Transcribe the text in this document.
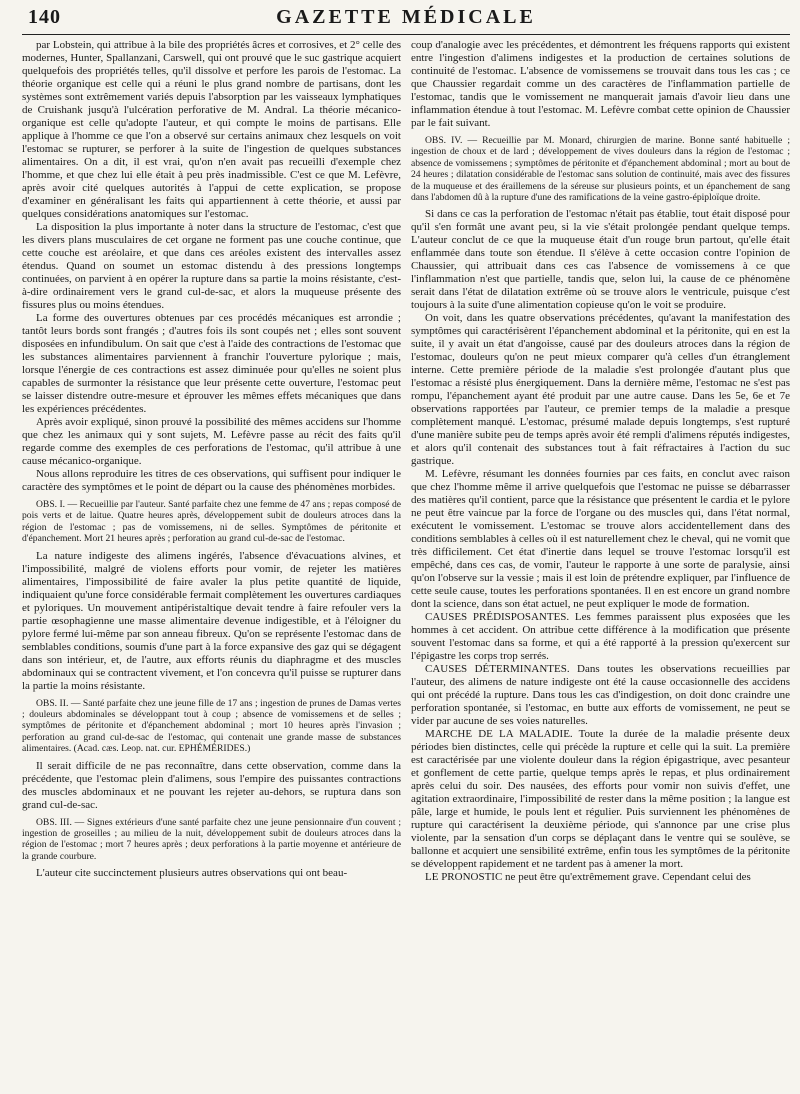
140	GAZETTE MÉDICALE

par Lobstein, qui attribue à la bile des propriétés âcres et corrosives, et 2° celle des modernes, Hunter, Spallanzani, Carswell, qui ont prouvé que le suc gastrique acquiert quelquefois des propriétés telles, qu'il dissolve et perfore les parois de l'estomac. La théorie organique est celle qui a réuni le plus grand nombre de partisans, dont les systèmes sont extrêmement variés depuis l'absorption par les vaisseaux lymphatiques de Cruishank jusqu'à l'ulcération perforative de M. Andral. La théorie mécanico-organique est celle qu'adopte l'auteur, et qui compte le moins de partisans. Elle applique à l'homme ce que l'on a observé sur certains animaux chez lesquels on voit l'estomac se rupturer, se perforer à la suite de l'ingestion de quelques substances alimentaires. On a dit, il est vrai, qu'on n'en avait pas recueilli d'exemple chez l'homme, et que chez lui elle était à peu près inadmissible. C'est ce que M. Lefèvre, après avoir cité quelques autorités à l'appui de cette explication, se propose d'examiner en généralisant les faits qui appartiennent à cette théorie, et aussi par quelques considérations anatomiques sur l'estomac.

La disposition la plus importante à noter dans la structure de l'estomac, c'est que les divers plans musculaires de cet organe ne forment pas une couche continue, que cette couche est aréolaire, et que dans ces aréoles existent des intervalles assez étendus. Quand on soumet un estomac distendu à des pressions longtemps continuées, on parvient à en opérer la rupture dans sa partie la moins résistante, c'est-à-dire ordinairement vers le grand cul-de-sac, et alors la muqueuse présente des fissures plus ou moins étendues.

La forme des ouvertures obtenues par ces procédés mécaniques est arrondie ; tantôt leurs bords sont frangés ; d'autres fois ils sont coupés net ; elles sont souvent disposées en infundibulum. On sait que c'est à l'aide des contractions de l'estomac que les substances alimentaires parviennent à franchir l'ouverture pylorique ; mais, lorsque l'énergie de ces contractions est assez diminuée pour qu'elles ne soient plus capables de surmonter la résistance que leur présente cette ouverture, l'estomac peut se laisser distendre outre-mesure et éprouver les mêmes effets mécaniques que dans les expériences précédentes.

Après avoir expliqué, sinon prouvé la possibilité des mêmes accidens sur l'homme que chez les animaux qui y sont sujets, M. Lefèvre passe au récit des faits qu'il regarde comme des exemples de ces perforations de l'estomac, qu'il attribue à une cause mécanico-organique.

Nous allons reproduire les titres de ces observations, qui suffisent pour indiquer le caractère des symptômes et le point de départ ou la cause des phénomènes morbides.

OBS. I. — Recueillie par l'auteur. Santé parfaite chez une femme de 47 ans ; repas composé de pois verts et de laitue. Quatre heures après, développement subit de douleurs atroces dans la région de l'estomac ; pas de vomissemens, ni de selles. Symptômes de péritonite et d'épanchement. Mort 21 heures après ; perforation au grand cul-de-sac de l'estomac.

La nature indigeste des alimens ingérés, l'absence d'évacuations alvines, et l'impossibilité, malgré de violens efforts pour vomir, de rejeter les matières alimentaires, l'impossibilité de faire avaler la plus petite quantité de liquide, indiquaient qu'une force considérable fermait complètement les ouvertures cardiaques et pyloriques. Un mouvement antipéristaltique devait tendre à faire refouler vers la partie œsophagienne une masse alimentaire devenue indigestible, et à l'éloigner du pylore fermé lui-même par son anneau fibreux. Qu'on se représente l'estomac dans de semblables conditions, soumis d'une part à la force expansive des gaz qui se dégagent dans son intérieur, et, de l'autre, aux efforts réunis du diaphragme et des muscles abdominaux qui se contractent vivement, et l'on concevra qu'il puisse se rupturer dans la partie la moins résistante.

OBS. II. — Santé parfaite chez une jeune fille de 17 ans ; ingestion de prunes de Damas vertes ; douleurs abdominales se développant tout à coup ; absence de vomissemens et de selles ; symptômes de péritonite et d'épanchement abdominal ; mort 10 heures après l'invasion ; perforation au grand cul-de-sac de l'estomac, qui contenait une grande masse de substances alimentaires. (Acad. cæs. Leop. nat. cur. EPHÉMÉRIDES.)

Il serait difficile de ne pas reconnaître, dans cette observation, comme dans la précédente, que l'estomac plein d'alimens, sous l'empire des puissantes contractions des muscles abdominaux et ne pouvant les rejeter au-dehors, se ruptura dans son grand cul-de-sac.

OBS. III. — Signes extérieurs d'une santé parfaite chez une jeune pensionnaire d'un couvent ; ingestion de groseilles ; au milieu de la nuit, développement subit de douleurs atroces dans la région de l'estomac ; mort 7 heures après ; deux perforations à la partie moyenne et antérieure de la grande courbure.

L'auteur cite succinctement plusieurs autres observations qui ont beau-

coup d'analogie avec les précédentes, et démontrent les fréquens rapports qui existent entre l'ingestion d'alimens indigestes et la production de certaines solutions de continuité de l'estomac. L'absence de vomissemens se trouvait dans tous les cas ; ce que Chaussier regardait comme un des caractères de l'inflammation partielle de l'estomac, tandis que le vomissement ne manquerait jamais d'avoir lieu dans une inflammation étendue à tout l'estomac. M. Lefèvre combat cette opinion de Chaussier par le fait suivant.

OBS. IV. — Recueillie par M. Monard, chirurgien de marine. Bonne santé habituelle ; ingestion de choux et de lard ; développement de vives douleurs dans la région de l'estomac ; absence de vomissemens ; symptômes de péritonite et d'épanchement abdominal ; mort au bout de 24 heures ; dilatation considérable de l'estomac sans solution de continuité, mais avec des fissures de la muqueuse et des éraillemens de la séreuse sur plusieurs points, et un épanchement de sang dans l'abdomen dû à la rupture d'une des ramifications de la veine gastro-épiploïque droite.

Si dans ce cas la perforation de l'estomac n'était pas établie, tout était disposé pour qu'il s'en formât une avant peu, si la vie s'était prolongée pendant quelque temps. L'auteur conclut de ce que la muqueuse était d'un rouge brun partout, qu'elle était enflammée dans toute son étendue. Il s'élève à cette occasion contre l'opinion de Chaussier, qui attribuait dans ces cas l'absence de vomissemens à ce que l'inflammation n'est que partielle, tandis que, selon lui, la cause de ce phénomène serait dans l'état de dilatation extrême où se trouve alors le ventricule, puisque c'est toujours à la suite d'une alimentation copieuse qu'on le voit se produire.

On voit, dans les quatre observations précédentes, qu'avant la manifestation des symptômes qui caractérisèrent l'épanchement abdominal et la péritonite, qui en est la suite, il y avait un état d'angoisse, causé par des douleurs atroces dans la région de l'estomac, douleurs qu'on ne peut mieux comparer qu'à celles d'un étranglement interne. Cette première période de la maladie s'est prolongée d'autant plus que l'estomac a résisté plus énergiquement. Dans la dernière même, l'estomac ne s'est pas rompu, l'épanchement ayant été produit par une autre cause. Dans les 5e, 6e et 7e observations rapportées par l'auteur, ce premier temps de la maladie a presque complètement manqué. L'estomac, présumé malade depuis longtemps, s'est rupturé d'une manière subite peu de temps après avoir été rempli d'alimens réputés indigestes, et alors qu'il contenait des substances tout à fait réfractaires à l'action du suc gastrique.

M. Lefèvre, résumant les données fournies par ces faits, en conclut avec raison que chez l'homme même il arrive quelquefois que l'estomac ne puisse se débarrasser des matières qu'il contient, parce que la résistance que présentent le cardia et le pylore ne peut être vaincue par la force de l'organe ou des muscles qui, dans l'état normal, exécutent le vomissement. L'estomac se trouve alors accidentellement dans des conditions semblables à celles où il est naturellement chez le cheval, qui ne vomit que très difficilement. Cet état d'inertie dans lequel se trouve l'estomac lorsqu'il est empêché, dans ces cas, de vomir, l'auteur le rapporte à une sorte de paralysie, ainsi qu'on l'observe sur la vessie ; mais il est loin de prétendre expliquer, par l'influence de cette seule cause, toutes les perforations spontanées. Il en est encore un grand nombre dont la science, dans son état actuel, ne peut expliquer le mode de formation.

CAUSES PRÉDISPOSANTES. Les femmes paraissent plus exposées que les hommes à cet accident. On attribue cette différence à la modification que présente souvent l'estomac dans sa forme, et qui a été rapporté à la pression qu'exercent sur l'épigastre les corps trop serrés.

CAUSES DÉTERMINANTES. Dans toutes les observations recueillies par l'auteur, des alimens de nature indigeste ont été la cause occasionnelle des accidens qui ont précédé la rupture. Dans tous les cas d'indigestion, on doit donc craindre une perforation spontanée, si l'estomac, en butte aux efforts de vomissement, ne peut se vider par aucune de ses voies naturelles.

MARCHE DE LA MALADIE. Toute la durée de la maladie présente deux périodes bien distinctes, celle qui précède la rupture et celle qui la suit. La première est caractérisée par une violente douleur dans la région épigastrique, avec pesanteur et gonflement de cette partie, quelque temps après le repas, et plus ordinairement après celui du soir. Des nausées, des efforts pour vomir non suivis d'effet, une agitation extraordinaire, l'impossibilité de rester dans la même position ; la langue est pâle, large et humide, le pouls lent et régulier. Puis surviennent les phénomènes de rupture qui caractérisent la deuxième période, qui s'annonce par une crise plus violente, par la sensation d'un corps se déplaçant dans le ventre qui se soulève, se ballonne et acquiert une sensibilité extrême, enfin tous les symptômes de la péritonite se développent rapidement et ne tardent pas à amener la mort.

LE PRONOSTIC ne peut être qu'extrêmement grave. Cependant celui des
